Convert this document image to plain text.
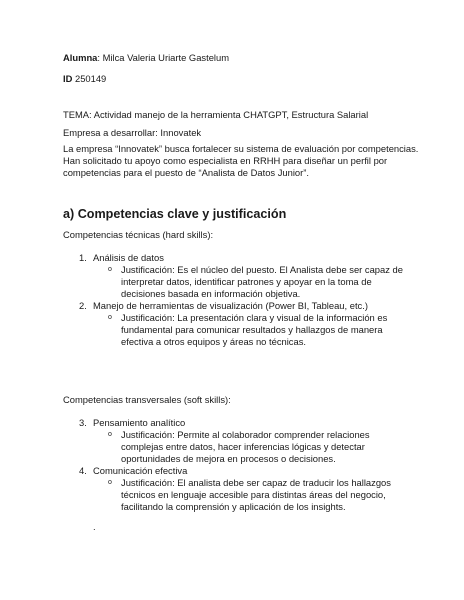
Alumna: Milca Valeria Uriarte Gastelum
ID 250149
TEMA: Actividad manejo de la herramienta CHATGPT, Estructura Salarial
Empresa a desarrollar: Innovatek
La empresa “Innovatek” busca fortalecer su sistema de evaluación por competencias.
Han solicitado tu apoyo como especialista en RRHH para diseñar un perfil por
competencias para el puesto de “Analista de Datos Junior”.
a) Competencias clave y justificación
Competencias técnicas (hard skills):
1. Análisis de datos
o Justificación: Es el núcleo del puesto. El Analista debe ser capaz de
interpretar datos, identificar patrones y apoyar en la toma de
decisiones basada en información objetiva.
2. Manejo de herramientas de visualización (Power BI, Tableau, etc.)
o Justificación: La presentación clara y visual de la información es
fundamental para comunicar resultados y hallazgos de manera
efectiva a otros equipos y áreas no técnicas.
Competencias transversales (soft skills):
3. Pensamiento analítico
o Justificación: Permite al colaborador comprender relaciones
complejas entre datos, hacer inferencias lógicas y detectar
oportunidades de mejora en procesos o decisiones.
4. Comunicación efectiva
o Justificación: El analista debe ser capaz de traducir los hallazgos
técnicos en lenguaje accesible para distintas áreas del negocio,
facilitando la comprensión y aplicación de los insights.
.
